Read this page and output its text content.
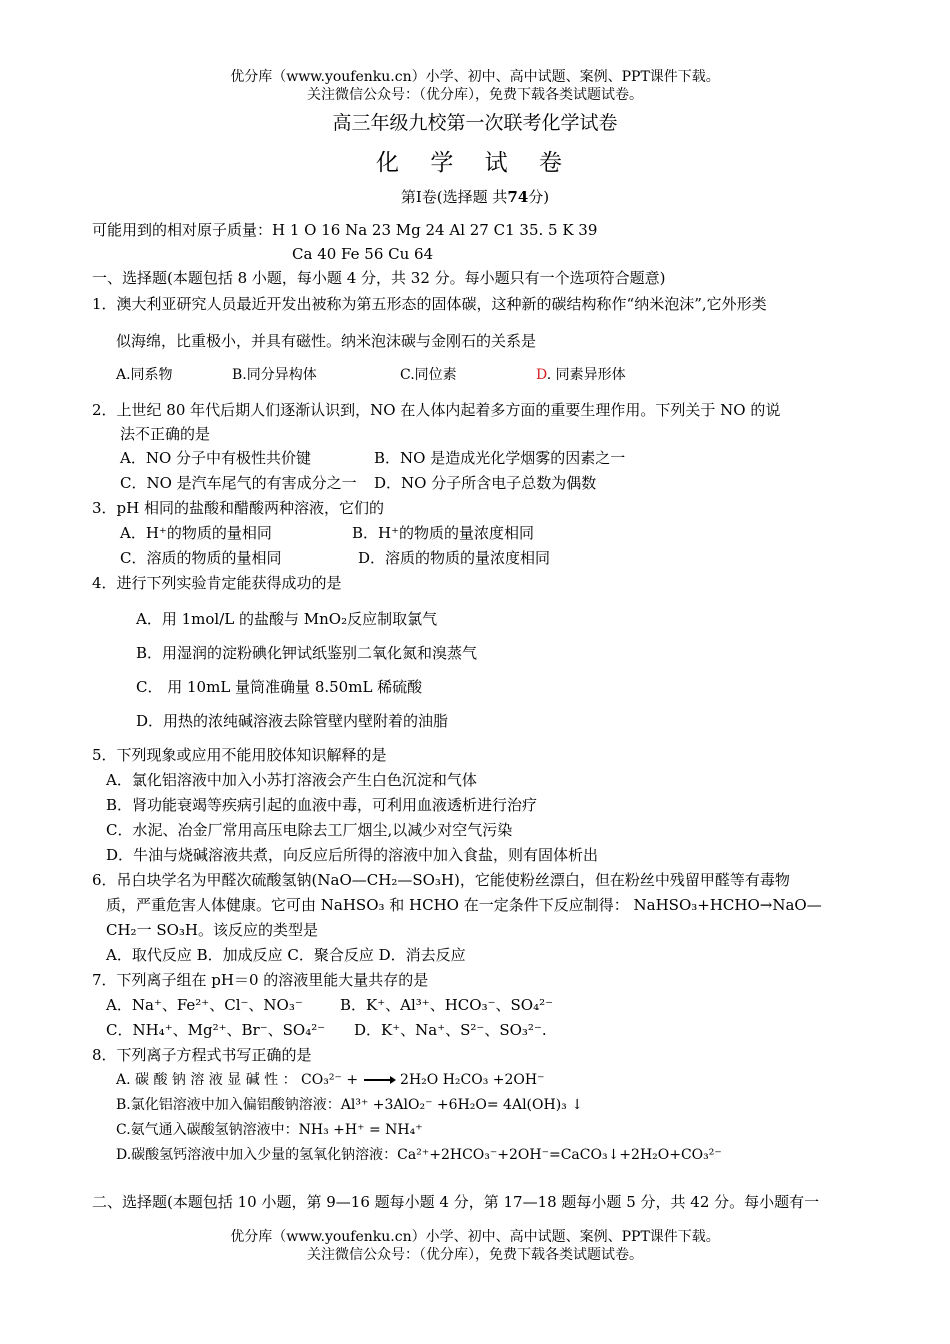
优分库（www.youfenku.cn）小学、初中、高中试题、案例、PPT课件下载。
关注微信公众号：（优分库），免费下载各类试题试卷。
高三年级九校第一次联考化学试卷
化 学 试 卷
第Ⅰ卷(选择题 共74分)
可能用到的相对原子质量：H 1 O 16 Na 23 Mg 24 Al 27 C1 35. 5 K 39
Ca 40 Fe 56 Cu 64
一、选择题(本题包括 8 小题，每小题 4 分，共 32 分。每小题只有一个选项符合题意)
1．澳大利亚研究人员最近开发出被称为第五形态的固体碳，这种新的碳结构称作“纳米泡沫”,它外形类
似海绵，比重极小，并具有磁性。纳米泡沫碳与金刚石的关系是
A.同系物	B.同分异构体	C.同位素	D. 同素异形体
2．上世纪 80 年代后期人们逐渐认识到，NO 在人体内起着多方面的重要生理作用。下列关于 NO 的说
法不正确的是
A．NO 分子中有极性共价键	B．NO 是造成光化学烟雾的因素之一
C．NO 是汽车尾气的有害成分之一 D．NO 分子所含电子总数为偶数
3．pH 相同的盐酸和醋酸两种溶液，它们的
A．H⁺的物质的量相同	B．H⁺的物质的量浓度相同
C．溶质的物质的量相同	D．溶质的物质的量浓度相同
4．进行下列实验肯定能获得成功的是
A．用 1mol/L 的盐酸与 MnO₂反应制取氯气
B．用湿润的淀粉碘化钾试纸鉴别二氧化氮和溴蒸气
C． 用 10mL 量筒准确量 8.50mL 稀硫酸
D．用热的浓纯碱溶液去除管壁内壁附着的油脂
5．下列现象或应用不能用胶体知识解释的是
A．氯化铝溶液中加入小苏打溶液会产生白色沉淀和气体
B．肾功能衰竭等疾病引起的血液中毒，可利用血液透析进行治疗
C．水泥、冶金厂常用高压电除去工厂烟尘,以减少对空气污染
D．牛油与烧碱溶液共煮，向反应后所得的溶液中加入食盐，则有固体析出
6．吊白块学名为甲醛次硫酸氢钠(NaO—CH₂—SO₃H)，它能使粉丝漂白，但在粉丝中残留甲醛等有毒物
质，严重危害人体健康。它可由 NaHSO₃ 和 HCHO 在一定条件下反应制得： NaHSO₃+HCHO→NaO—
CH₂一 SO₃H。该反应的类型是
A．取代反应 B．加成反应 C．聚合反应 D．消去反应
7．下列离子组在 pH＝0 的溶液里能大量共存的是
A．Na⁺、Fe²⁺、Cl⁻、NO₃⁻ B．K⁺、Al³⁺、HCO₃⁻、SO₄²⁻
C．NH₄⁺、Mg²⁺、Br⁻、SO₄²⁻ D．K⁺、Na⁺、S²⁻、SO₃²⁻.
8．下列离子方程式书写正确的是
A. 碳 酸 钠 溶 液 显 碱 性 ： CO₃²⁻ + → 2H₂O H₂CO₃ +2OH⁻
B.氯化铝溶液中加入偏铝酸钠溶液：Al³⁺ +3AlO₂⁻ +6H₂O= 4Al(OH)₃ ↓
C.氨气通入碳酸氢钠溶液中：NH₃ +H⁺ = NH₄⁺
D.碳酸氢钙溶液中加入少量的氢氧化钠溶液：Ca²⁺+2HCO₃⁻+2OH⁻=CaCO₃↓+2H₂O+CO₃²⁻
二、选择题(本题包括 10 小题，第 9—16 题每小题 4 分，第 17—18 题每小题 5 分，共 42 分。每小题有一
优分库（www.youfenku.cn）小学、初中、高中试题、案例、PPT课件下载。
关注微信公众号：（优分库），免费下载各类试题试卷。
